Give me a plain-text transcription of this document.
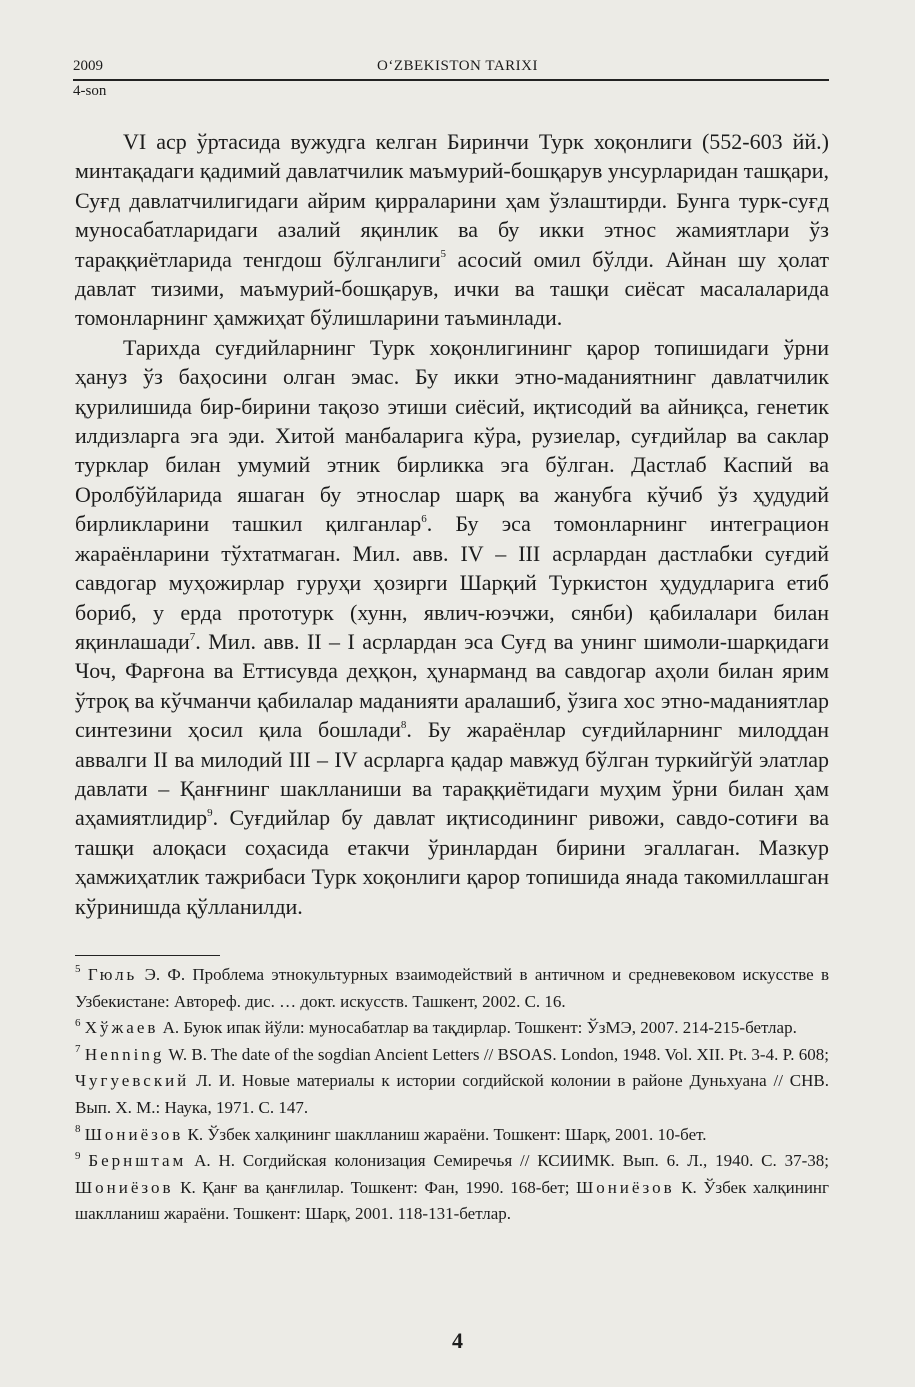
2009	O‘ZBEKISTON TARIXI
4-son

VI аср ўртасида вужудга келган Биринчи Турк хоқонлиги (552-603 йй.) минтақадаги қадимий давлатчилик маъмурий-бошқарув унсурларидан ташқари, Суғд давлатчилигидаги айрим қирраларини ҳам ўзлаштирди. Бунга турк-суғд муносабатларидаги азалий яқинлик ва бу икки этнос жамиятлари ўз тараққиётларида тенгдош бўлганлиги$^5$ асосий омил бўлди. Айнан шу ҳолат давлат тизими, маъмурий-бошқарув, ички ва ташқи сиёсат масалаларида томонларнинг ҳамжиҳат бўлишларини таъминлади.

Тарихда суғдийларнинг Турк хоқонлигининг қарор топишидаги ўрни ҳануз ўз баҳосини олган эмас. Бу икки этно-маданиятнинг давлатчилик қурилишида бир-бирини тақозо этиши сиёсий, иқтисодий ва айниқса, генетик илдизларга эга эди. Хитой манбаларига кўра, рузиелар, суғдийлар ва саклар турклар билан умумий этник бирликка эга бўлган. Дастлаб Каспий ва Оролбўйларида яшаган бу этнослар шарқ ва жанубга кўчиб ўз ҳудудий бирликларини ташкил қилганлар$^6$. Бу эса томонларнинг интеграцион жараёнларини тўхтатмаган. Мил. авв. IV – III асрлардан дастлабки суғдий савдогар муҳожирлар гуруҳи ҳозирги Шарқий Туркистон ҳудудларига етиб бориб, у ерда прототурк (хунн, явлич-юэчжи, сянби) қабилалари билан яқинлашади$^7$. Мил. авв. II – I асрлардан эса Суғд ва унинг шимоли-шарқидаги Чоч, Фарғона ва Еттисувда деҳқон, ҳунарманд ва савдогар аҳоли билан ярим ўтроқ ва кўчманчи қабилалар маданияти аралашиб, ўзига хос этно-маданиятлар синтезини ҳосил қила бошлади$^8$. Бу жараёнлар суғдийларнинг милоддан аввалги II ва милодий III – IV асрларга қадар мавжуд бўлган туркийгўй элатлар давлати – Қанғнинг шаклланиши ва тараққиётидаги муҳим ўрни билан ҳам аҳамиятлидир$^9$. Суғдийлар бу давлат иқтисодининг ривожи, савдо-сотиғи ва ташқи алоқаси соҳасида етакчи ўринлардан бирини эгаллаган. Мазкур ҳамжиҳатлик тажрибаси Турк хоқонлиги қарор топишида янада такомиллашган кўринишда қўлланилди.

$^5$ Гюль Э. Ф. Проблема этнокультурных взаимодействий в античном и средневековом искусстве в Узбекистане: Автореф. дис. … докт. искусств. Ташкент, 2002. С. 16.

$^6$ Хўжаев А. Буюк ипак йўли: муносабатлар ва тақдирлар. Тошкент: ЎзМЭ, 2007. 214-215-бетлар.

$^7$ Henning W. B. The date of the sogdian Ancient Letters // BSOAS. London, 1948. Vol. XII. Pt. 3-4. P. 608; Чугуевский Л. И. Новые материалы к истории согдийской колонии в районе Дуньхуана // СНВ. Вып. Х. М.: Наука, 1971. С. 147.

$^8$ Шониёзов К. Ўзбек халқининг шаклланиш жараёни. Тошкент: Шарқ, 2001. 10-бет.

$^9$ Бернштам А. Н. Согдийская колонизация Семиречья // КСИИМК. Вып. 6. Л., 1940. С. 37-38; Шониёзов К. Қанғ ва қанғлилар. Тошкент: Фан, 1990. 168-бет; Шониёзов К. Ўзбек халқининг шаклланиш жараёни. Тошкент: Шарқ, 2001. 118-131-бетлар.

4
